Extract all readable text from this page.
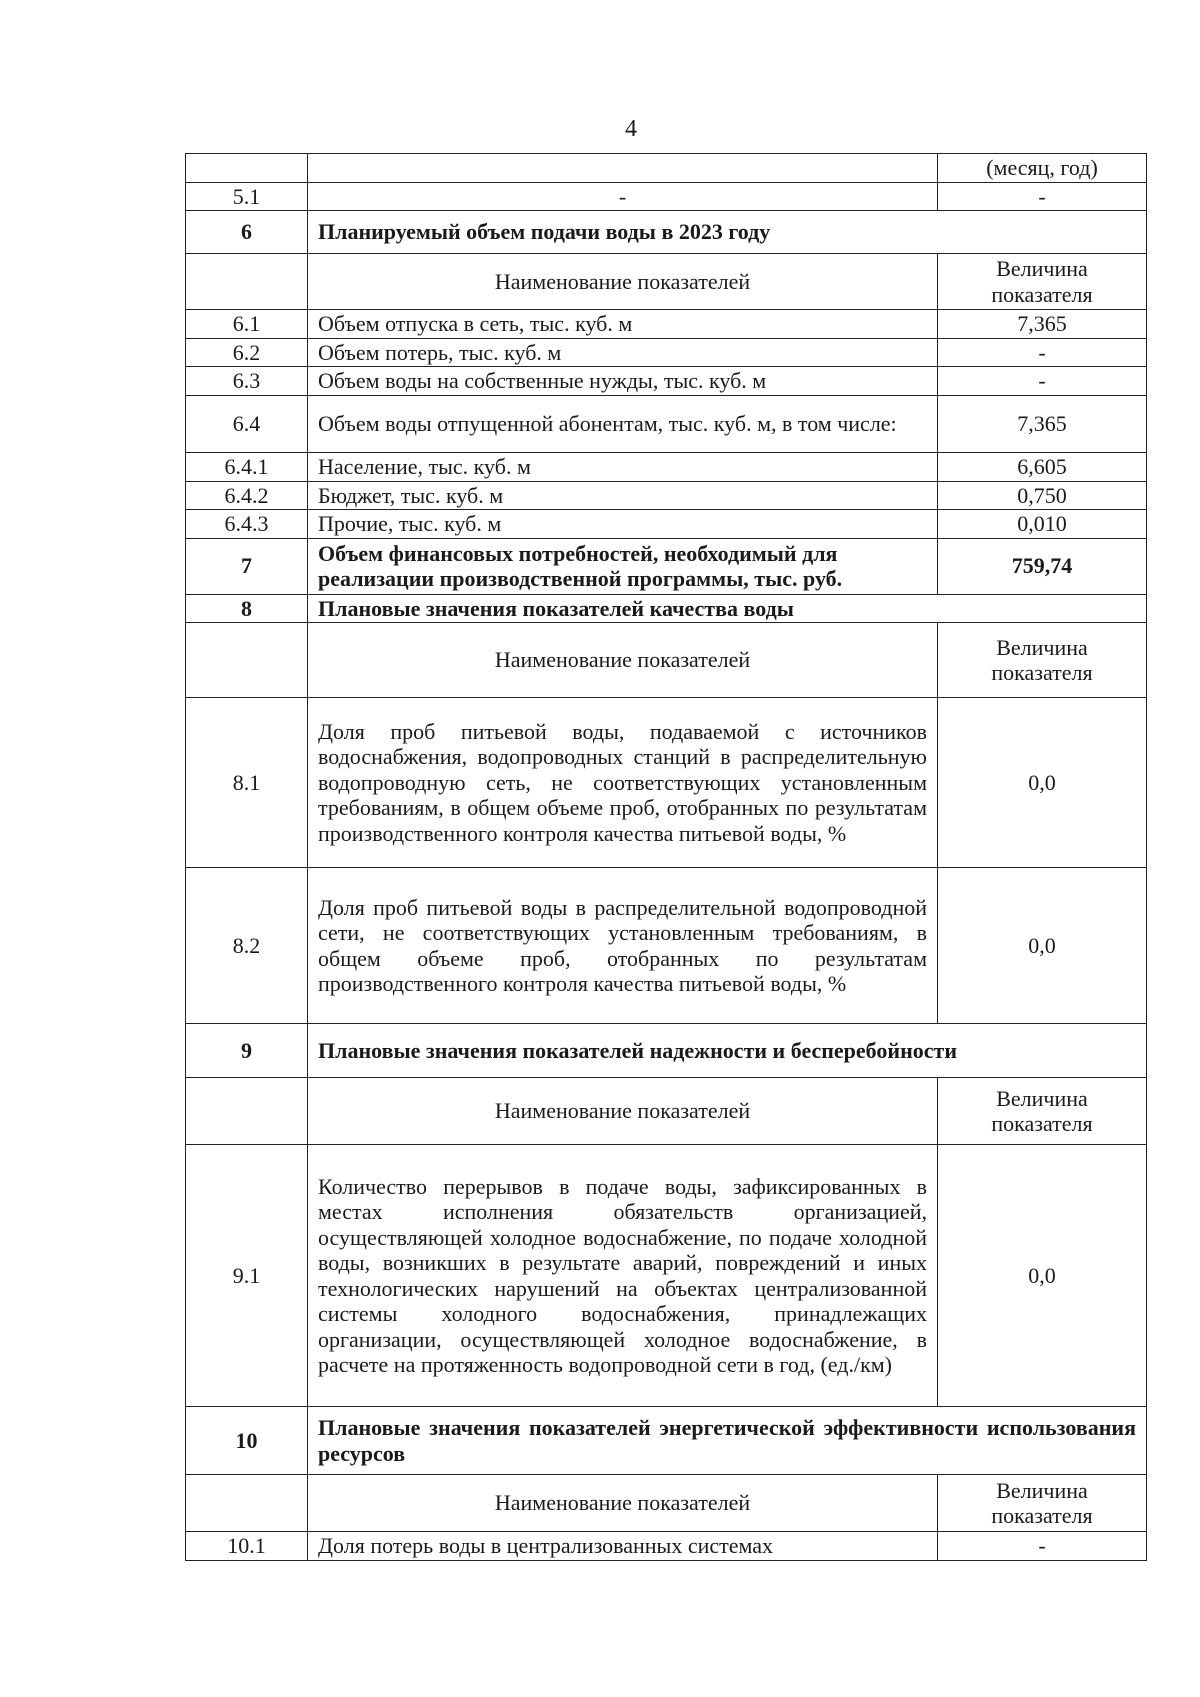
4
		(месяц, год)
5.1	-	-
6	Планируемый объем подачи воды в 2023 году	
	Наименование показателей	Величина показателя
6.1	Объем отпуска в сеть, тыс. куб. м	7,365
6.2	Объем потерь, тыс. куб. м	-
6.3	Объем воды на собственные нужды, тыс. куб. м	-
6.4	Объем воды отпущенной абонентам, тыс. куб. м, в том числе:	7,365
6.4.1	Население, тыс. куб. м	6,605
6.4.2	Бюджет, тыс. куб. м	0,750
6.4.3	Прочие, тыс. куб. м	0,010
7	Объем финансовых потребностей, необходимый для реализации производственной программы, тыс. руб.	759,74
8	Плановые значения показателей качества воды	
	Наименование показателей	Величина показателя
8.1	Доля проб питьевой воды, подаваемой с источников водоснабжения, водопроводных станций в распределительную водопроводную сеть, не соответствующих установленным требованиям, в общем объеме проб, отобранных по результатам производственного контроля качества питьевой воды, %	0,0
8.2	Доля проб питьевой воды в распределительной водопроводной сети, не соответствующих установленным требованиям, в общем объеме проб, отобранных по результатам производственного контроля качества питьевой воды, %	0,0
9	Плановые значения показателей надежности и бесперебойности	
	Наименование показателей	Величина показателя
9.1	Количество перерывов в подаче воды, зафиксированных в местах исполнения обязательств организацией, осуществляющей холодное водоснабжение, по подаче холодной воды, возникших в результате аварий, повреждений и иных технологических нарушений на объектах централизованной системы холодного водоснабжения, принадлежащих организации, осуществляющей холодное водоснабжение, в расчете на протяженность водопроводной сети в год, (ед./км)	0,0
10	Плановые значения показателей энергетической эффективности использования ресурсов	
	Наименование показателей	Величина показателя
10.1	Доля потерь воды в централизованных системах	-
